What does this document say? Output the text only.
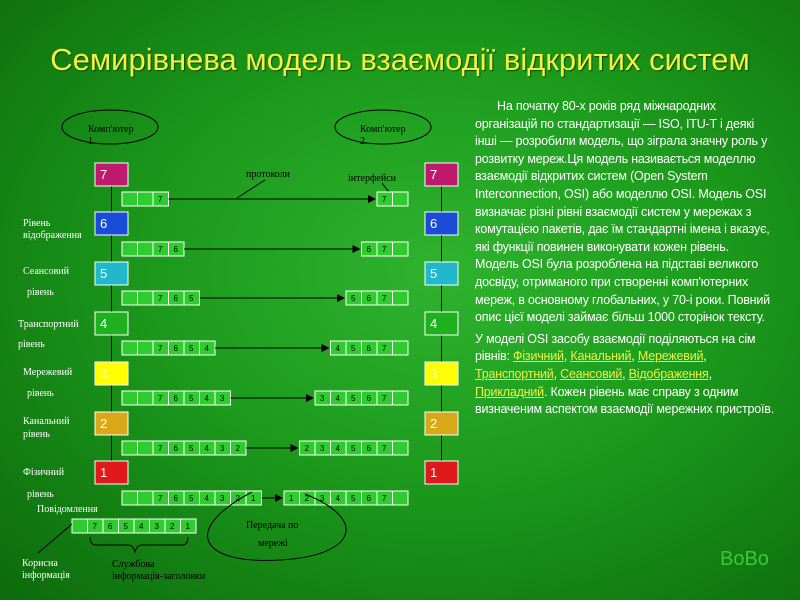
Семирівнева модель взаємодії відкритих систем
Комп'ютер
1
Комп'ютер
2
протоколи	інтерфейси
7	7
6	6
5	5
4	4
3	3
2	2
1	1
7	7
7 6	6 7
7 6 5	5 6 7
7 6 5 4	4 5 6 7
7 6 5 4 3	3 4 5 6 7
7 6 5 4 3 2	2 3 4 5 6 7
7 6 5 4 3 2 1	1 2 3 4 5 6 7
7 6 5 4 3 2 1
Рівень
відображення
Сеансовий
рівень
Транспортний
рівень
Мережевий
рівень
Канальний
рівень
Фізичний
рівень
Повідомлення
Передача по
мережі
Корисна
інформація
Службова
інформація-заголовки

На початку 80-х років ряд міжнародних організацій по стандартизації — ISO, ITU-T і деякі інші — розробили модель, що зіграла значну роль у розвитку мереж.Ця модель називається моделлю взаємодії відкритих систем (Open System Interconnection, OSI) або моделлю OSI. Модель OSI визначає різні рівні взаємодії систем у мережах з комутацією пакетів, дає їм стандартні імена і вказує, які функції повинен виконувати кожен рівень. Модель OSI була розроблена на підставі великого досвіду, отриманого при створенні комп'ютерних мереж, в основному глобальних, у 70-і роки. Повний опис цієї моделі займає більш 1000 сторінок тексту.

У моделі OSI засобу взаємодії поділяються на сім рівнів: Фізичний, Канальний, Мережевий, Транспортний, Сеансовий, Відображення, Прикладний. Кожен рівень має справу з одним визначеним аспектом взаємодії мережних пристроїв.

BoBo
